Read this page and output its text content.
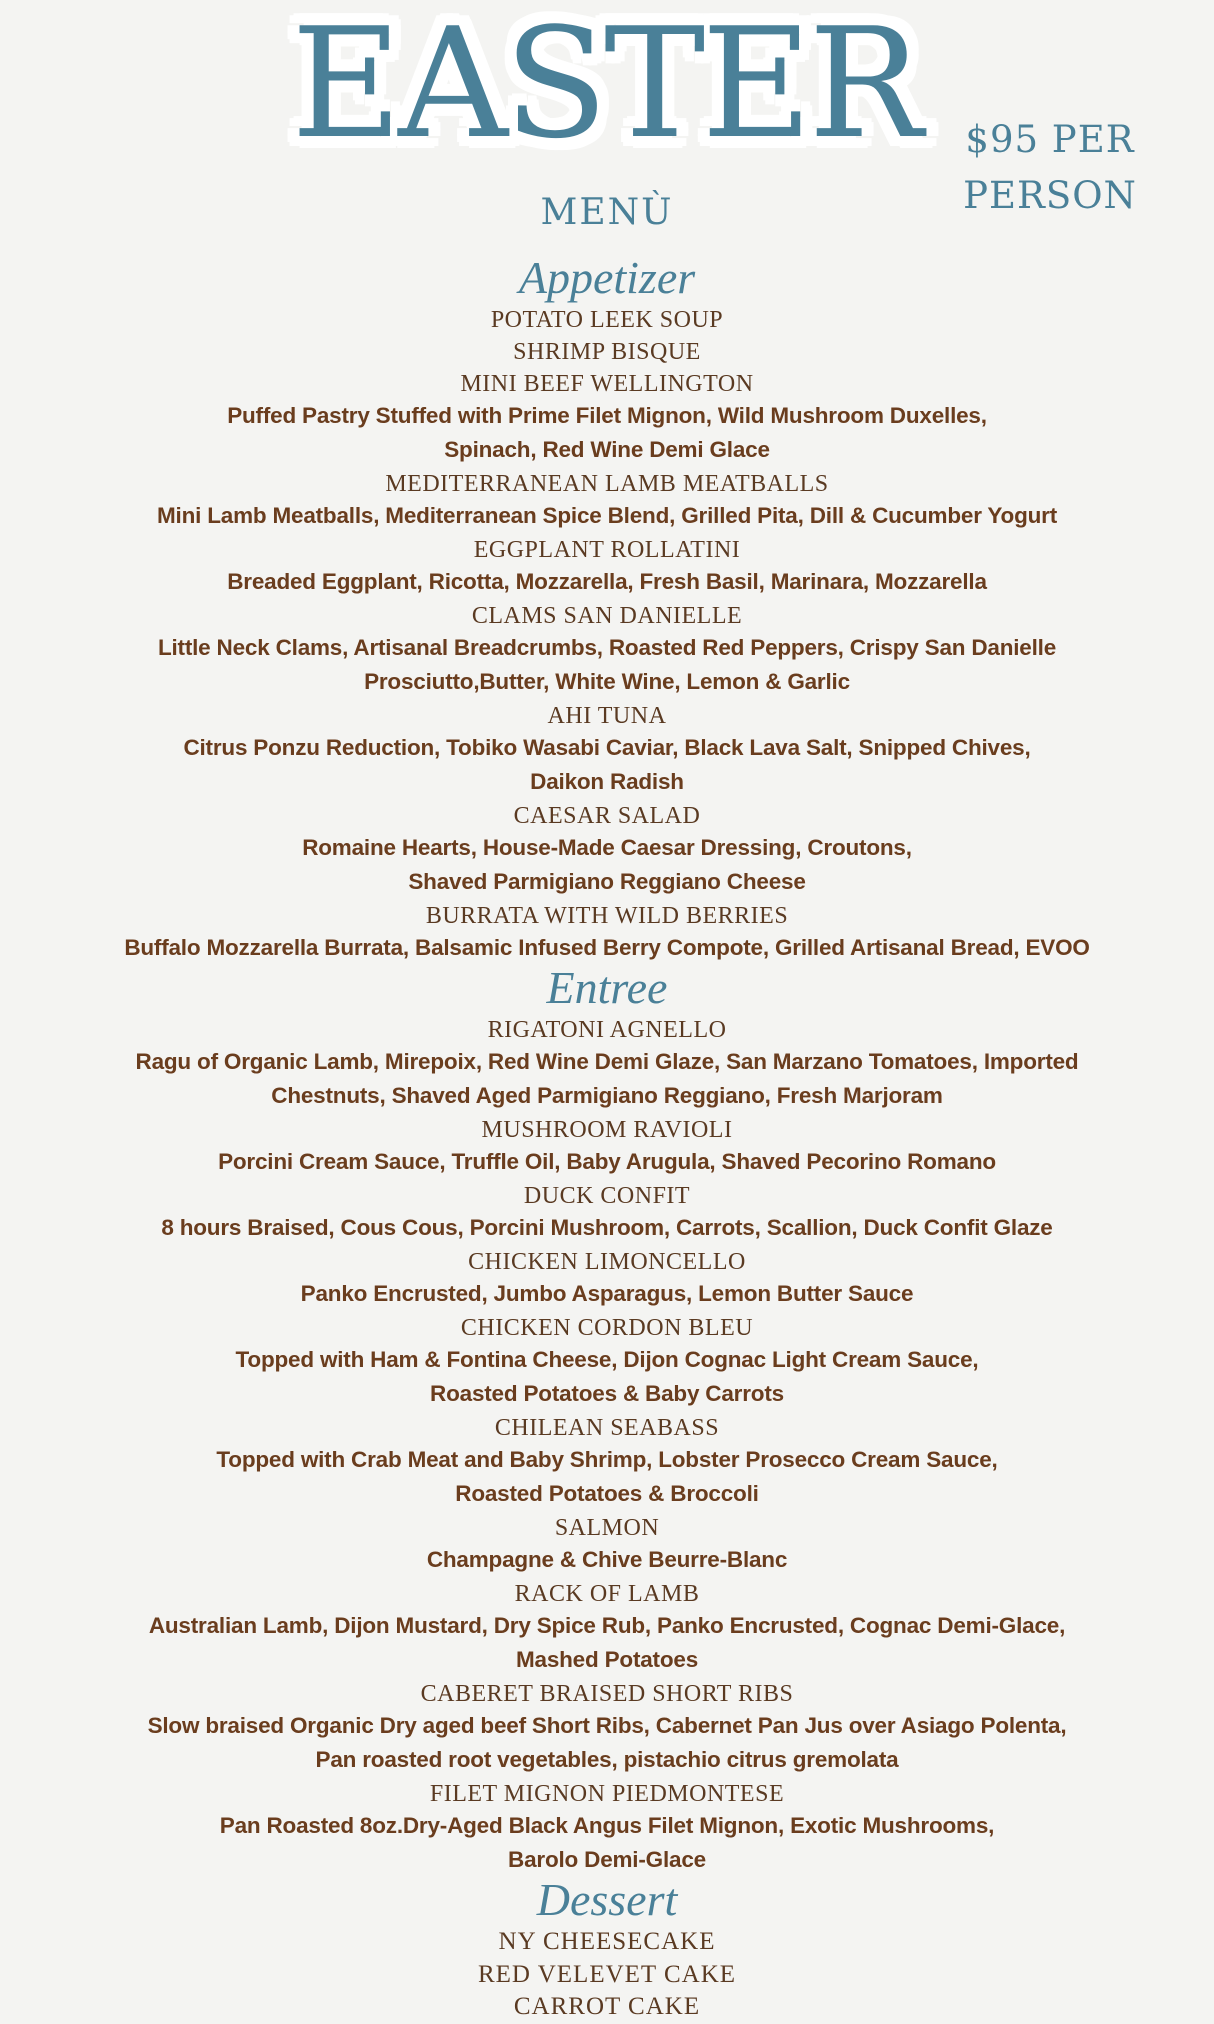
EASTER	$95 PER
PERSON
MENÙ
Appetizer
POTATO LEEK SOUP
SHRIMP BISQUE
MINI BEEF WELLINGTON
Puffed Pastry Stuffed with Prime Filet Mignon, Wild Mushroom Duxelles,
Spinach, Red Wine Demi Glace
MEDITERRANEAN LAMB MEATBALLS
Mini Lamb Meatballs, Mediterranean Spice Blend, Grilled Pita, Dill & Cucumber Yogurt
EGGPLANT ROLLATINI
Breaded Eggplant, Ricotta, Mozzarella, Fresh Basil, Marinara, Mozzarella
CLAMS SAN DANIELLE
Little Neck Clams, Artisanal Breadcrumbs, Roasted Red Peppers, Crispy San Danielle
Prosciutto,Butter, White Wine, Lemon & Garlic
AHI TUNA
Citrus Ponzu Reduction, Tobiko Wasabi Caviar, Black Lava Salt, Snipped Chives,
Daikon Radish
CAESAR SALAD
Romaine Hearts, House-Made Caesar Dressing, Croutons,
Shaved Parmigiano Reggiano Cheese
BURRATA WITH WILD BERRIES
Buffalo Mozzarella Burrata, Balsamic Infused Berry Compote, Grilled Artisanal Bread, EVOO
Entree
RIGATONI AGNELLO
Ragu of Organic Lamb, Mirepoix, Red Wine Demi Glaze, San Marzano Tomatoes, Imported
Chestnuts, Shaved Aged Parmigiano Reggiano, Fresh Marjoram
MUSHROOM RAVIOLI
Porcini Cream Sauce, Truffle Oil, Baby Arugula, Shaved Pecorino Romano
DUCK CONFIT
8 hours Braised, Cous Cous, Porcini Mushroom, Carrots, Scallion, Duck Confit Glaze
CHICKEN LIMONCELLO
Panko Encrusted, Jumbo Asparagus, Lemon Butter Sauce
CHICKEN CORDON BLEU
Topped with Ham & Fontina Cheese, Dijon Cognac Light Cream Sauce,
Roasted Potatoes & Baby Carrots
CHILEAN SEABASS
Topped with Crab Meat and Baby Shrimp, Lobster Prosecco Cream Sauce,
Roasted Potatoes & Broccoli
SALMON
Champagne & Chive Beurre-Blanc
RACK OF LAMB
Australian Lamb, Dijon Mustard, Dry Spice Rub, Panko Encrusted, Cognac Demi-Glace,
Mashed Potatoes
CABERET BRAISED SHORT RIBS
Slow braised Organic Dry aged beef Short Ribs, Cabernet Pan Jus over Asiago Polenta,
Pan roasted root vegetables, pistachio citrus gremolata
FILET MIGNON PIEDMONTESE
Pan Roasted 8oz.Dry-Aged Black Angus Filet Mignon, Exotic Mushrooms,
Barolo Demi-Glace
Dessert
NY CHEESECAKE
RED VELEVET CAKE
CARROT CAKE
